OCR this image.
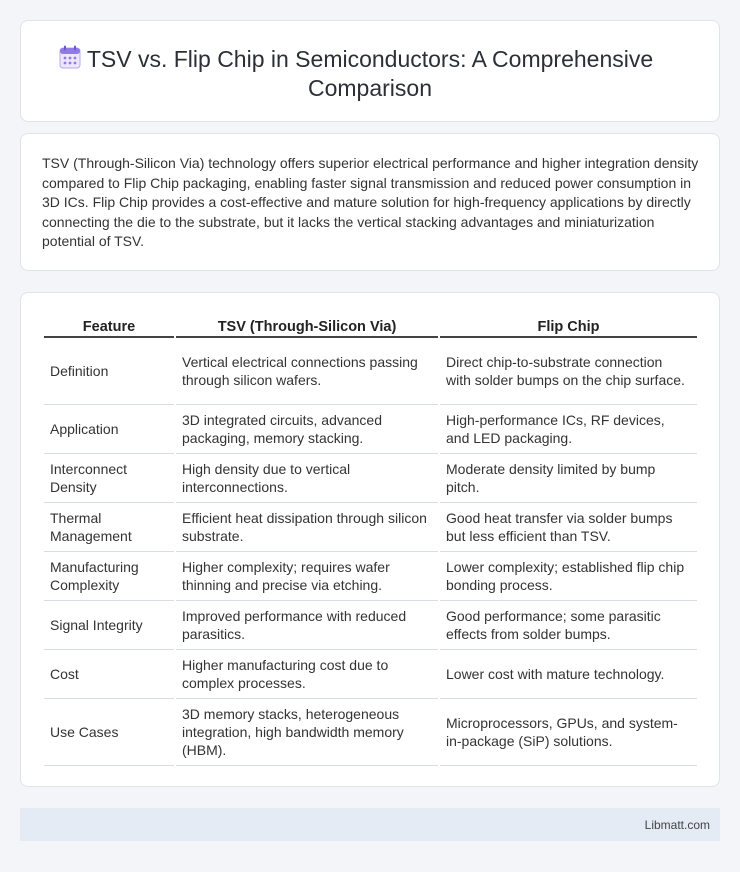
TSV vs. Flip Chip in Semiconductors: A Comprehensive Comparison

TSV (Through-Silicon Via) technology offers superior electrical performance and higher integration density compared to Flip Chip packaging, enabling faster signal transmission and reduced power consumption in 3D ICs. Flip Chip provides a cost-effective and mature solution for high-frequency applications by directly connecting the die to the substrate, but it lacks the vertical stacking advantages and miniaturization potential of TSV.

Feature	TSV (Through-Silicon Via)	Flip Chip
Definition	Vertical electrical connections passing through silicon wafers.	Direct chip-to-substrate connection with solder bumps on the chip surface.
Application	3D integrated circuits, advanced packaging, memory stacking.	High-performance ICs, RF devices, and LED packaging.
Interconnect Density	High density due to vertical interconnections.	Moderate density limited by bump pitch.
Thermal Management	Efficient heat dissipation through silicon substrate.	Good heat transfer via solder bumps but less efficient than TSV.
Manufacturing Complexity	Higher complexity; requires wafer thinning and precise via etching.	Lower complexity; established flip chip bonding process.
Signal Integrity	Improved performance with reduced parasitics.	Good performance; some parasitic effects from solder bumps.
Cost	Higher manufacturing cost due to complex processes.	Lower cost with mature technology.
Use Cases	3D memory stacks, heterogeneous integration, high bandwidth memory (HBM).	Microprocessors, GPUs, and system-in-package (SiP) solutions.
Libmatt.com
